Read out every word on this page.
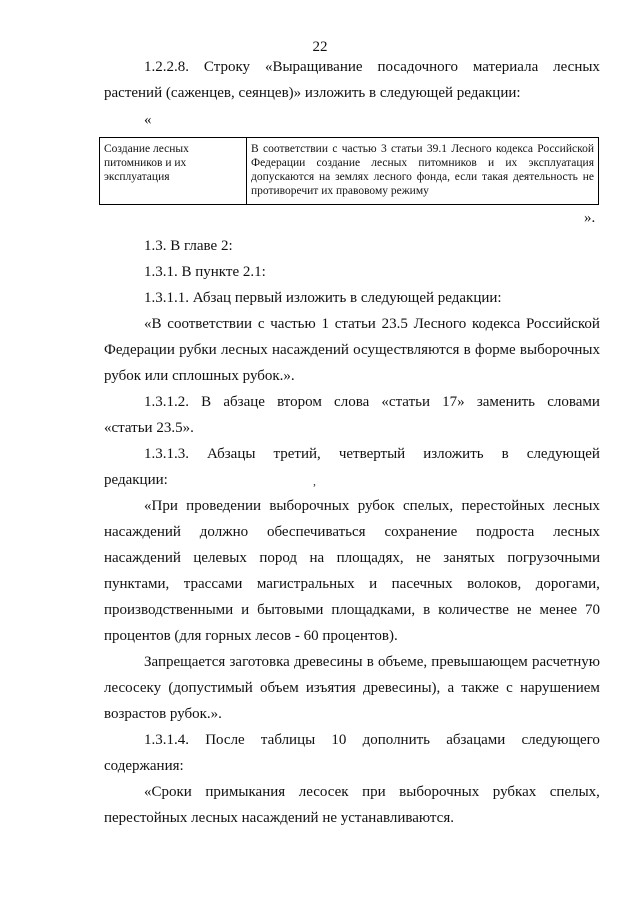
22
1.2.2.8. Строку «Выращивание посадочного материала лесных
растений (саженцев, сеянцев)» изложить в следующей редакции:
«
Создание лесных питомников и их эксплуатация	В соответствии с частью 3 статьи 39.1 Лесного кодекса Российской Федерации создание лесных питомников и их эксплуатация допускаются на землях лесного фонда, если такая деятельность не противоречит их правовому режиму
».
1.3. В главе 2:
1.3.1. В пункте 2.1:
1.3.1.1. Абзац первый изложить в следующей редакции:
«В соответствии с частью 1 статьи 23.5 Лесного кодекса Российской
Федерации рубки лесных насаждений осуществляются в форме выборочных
рубок или сплошных рубок.».
1.3.1.2. В абзаце втором слова «статьи 17» заменить словами
«статьи 23.5».
1.3.1.3. Абзацы третий, четвертый изложить в следующей
редакции:	,
«При проведении выборочных рубок спелых, перестойных лесных
насаждений должно обеспечиваться сохранение подроста лесных
насаждений целевых пород на площадях, не занятых погрузочными
пунктами, трассами магистральных и пасечных волоков, дорогами,
производственными и бытовыми площадками, в количестве не менее 70
процентов (для горных лесов - 60 процентов).
Запрещается заготовка древесины в объеме, превышающем расчетную
лесосеку (допустимый объем изъятия древесины), а также с нарушением
возрастов рубок.».
1.3.1.4. После таблицы 10 дополнить абзацами следующего
содержания:
«Сроки примыкания лесосек при выборочных рубках спелых,
перестойных лесных насаждений не устанавливаются.
